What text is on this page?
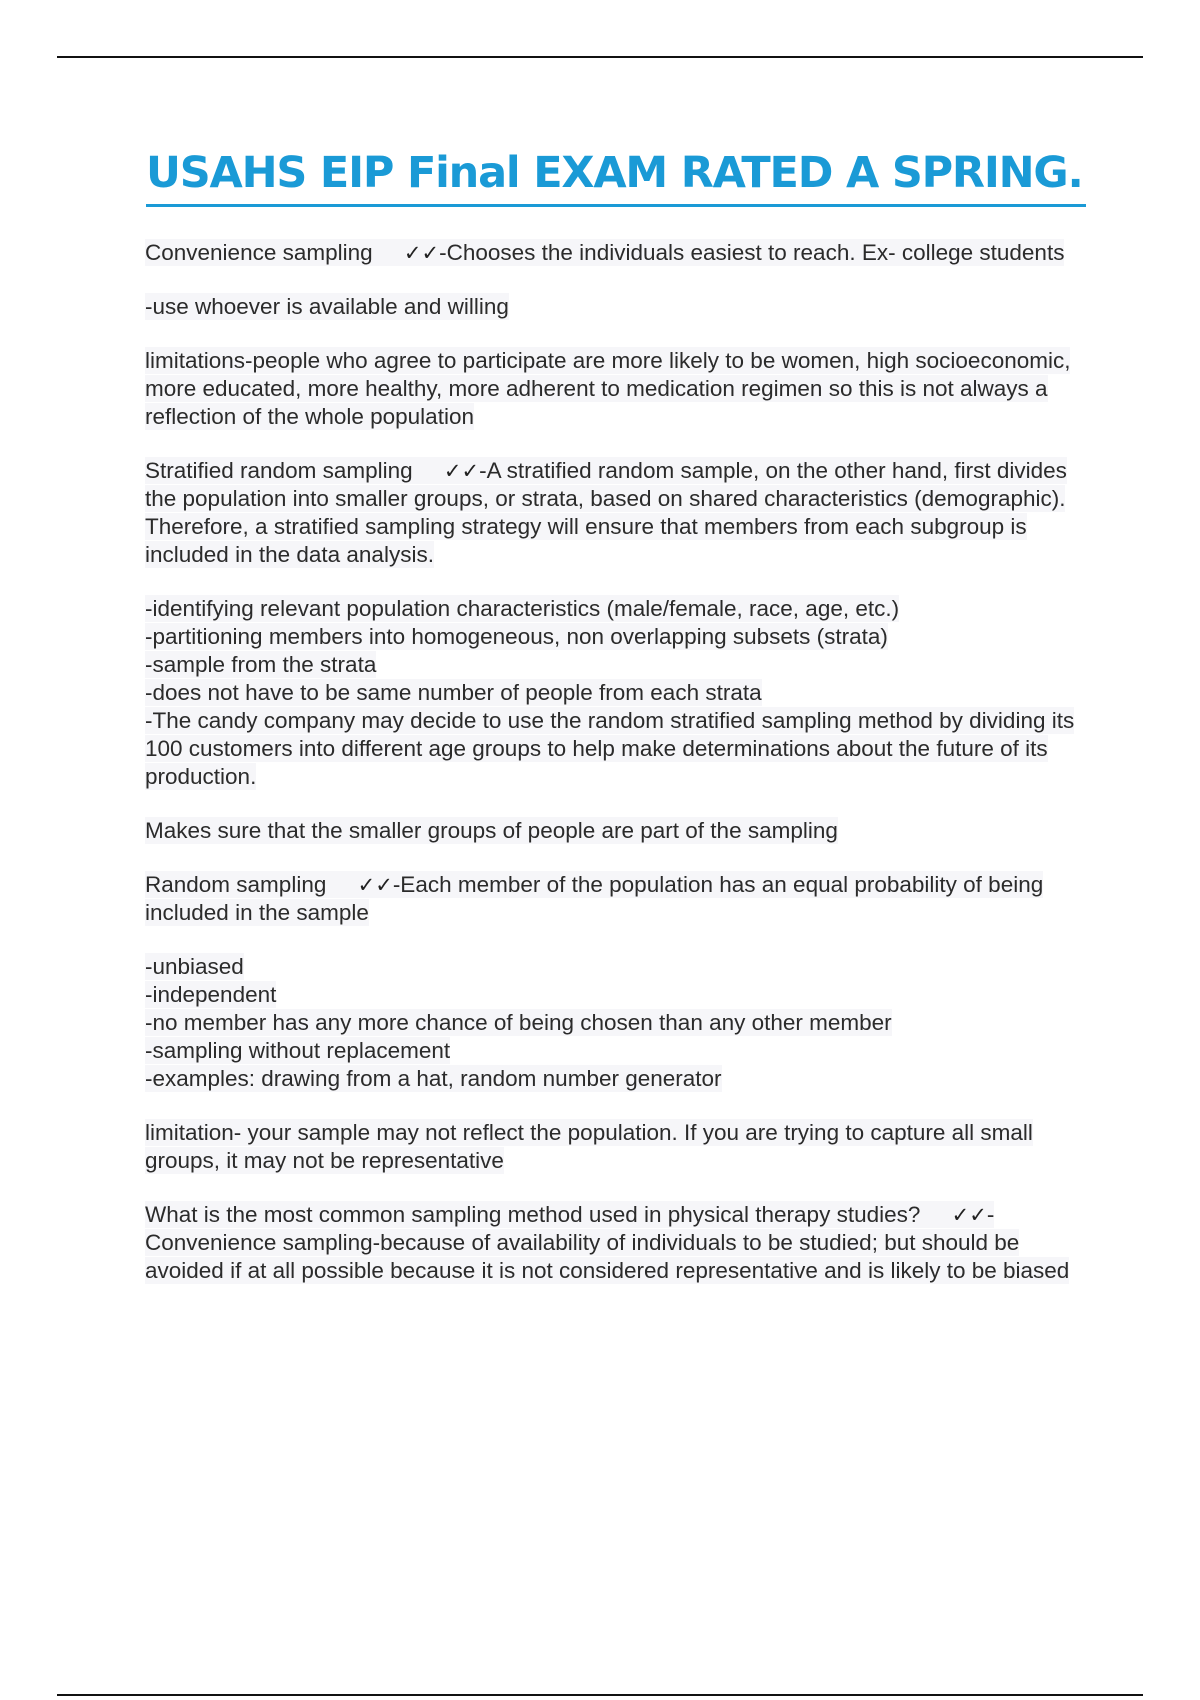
USAHS EIP Final EXAM RATED A SPRING.

Convenience sampling ✓✓-Chooses the individuals easiest to reach. Ex- college students

-use whoever is available and willing

limitations-people who agree to participate are more likely to be women, high socioeconomic, more educated, more healthy, more adherent to medication regimen so this is not always a reflection of the whole population

Stratified random sampling ✓✓-A stratified random sample, on the other hand, first divides the population into smaller groups, or strata, based on shared characteristics (demographic). Therefore, a stratified sampling strategy will ensure that members from each subgroup is included in the data analysis.

-identifying relevant population characteristics (male/female, race, age, etc.)
-partitioning members into homogeneous, non overlapping subsets (strata)
-sample from the strata
-does not have to be same number of people from each strata
-The candy company may decide to use the random stratified sampling method by dividing its 100 customers into different age groups to help make determinations about the future of its production.

Makes sure that the smaller groups of people are part of the sampling

Random sampling ✓✓-Each member of the population has an equal probability of being included in the sample

-unbiased
-independent
-no member has any more chance of being chosen than any other member
-sampling without replacement
-examples: drawing from a hat, random number generator

limitation- your sample may not reflect the population. If you are trying to capture all small groups, it may not be representative

What is the most common sampling method used in physical therapy studies? ✓✓-Convenience sampling-because of availability of individuals to be studied; but should be avoided if at all possible because it is not considered representative and is likely to be biased
